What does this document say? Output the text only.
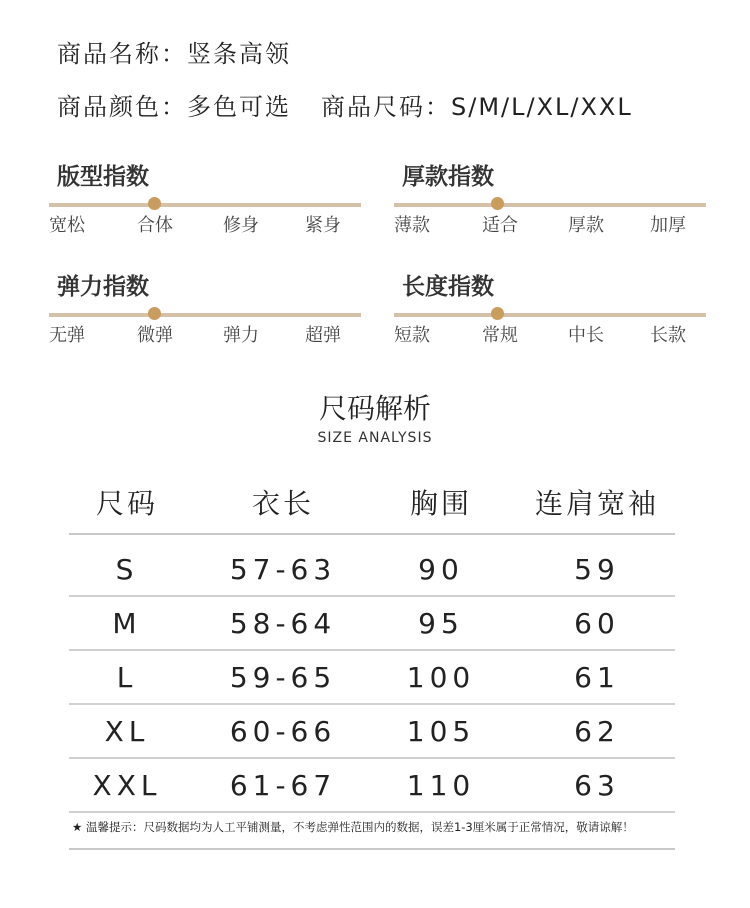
商品名称：竖条高领
商品颜色：多色可选 商品尺码：S/M/L/XL/XXL
版型指数
宽松	合体	修身	紧身
厚款指数
薄款	适合	厚款	加厚
弹力指数
无弹	微弹	弹力	超弹
长度指数
短款	常规	中长	长款
尺码解析
SIZE ANALYSIS
尺码	衣长	胸围	连肩宽袖
S	57-63	90	59
M	58-64	95	60
L	59-65	100	61
XL	60-66	105	62
XXL	61-67	110	63
★ 温馨提示：尺码数据均为人工平铺测量，不考虑弹性范围内的数据，误差1-3厘米属于正常情况，敬请谅解！
